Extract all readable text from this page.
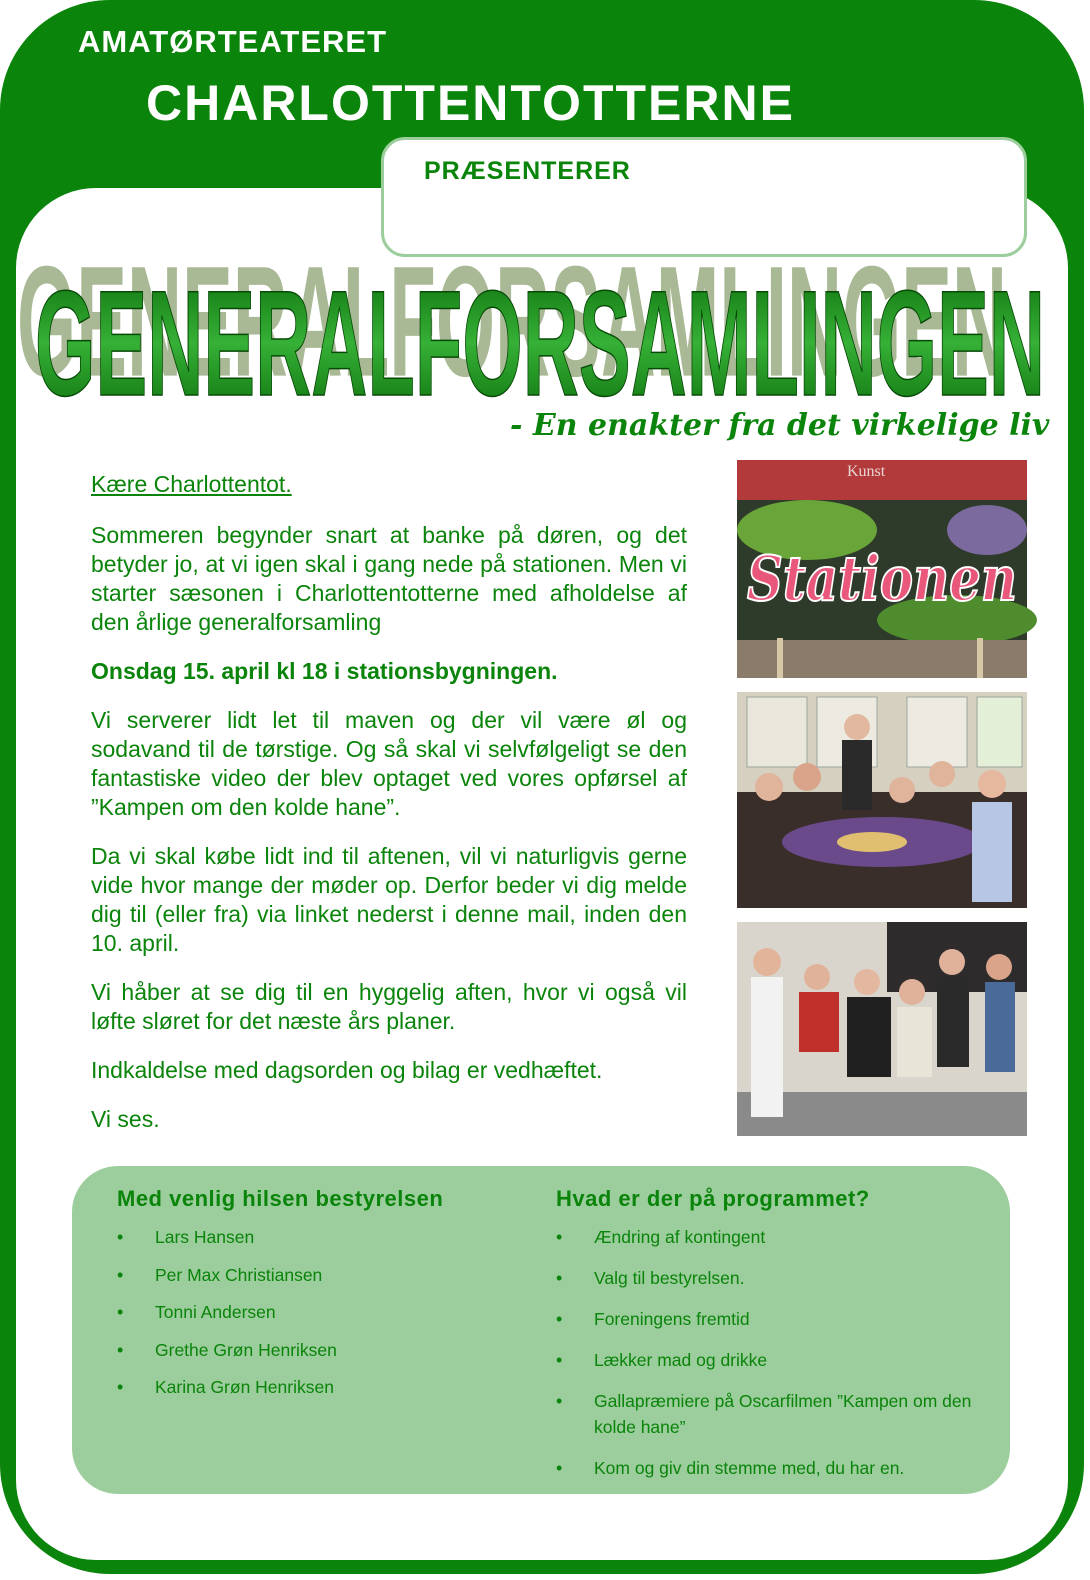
AMATØRTEATERET
CHARLOTTENTOTTERNE

PRÆSENTERER

GENERALFORSAMLINGEN
GENERALFORSAMLINGEN

- En enakter fra det virkelige liv

Kære Charlottentot.

Sommeren begynder snart at banke på døren, og det betyder jo, at vi igen skal i gang nede på stationen. Men vi starter sæsonen i Charlottentotterne med afholdelse af den årlige generalforsamling

Onsdag 15. april kl 18 i stationsbygningen.

Vi serverer lidt let til maven og der vil være øl og sodavand til de tørstige. Og så skal vi selvfølgeligt se den fantastiske video der blev optaget ved vores opførsel af ”Kampen om den kolde hane”.

Da vi skal købe lidt ind til aftenen, vil vi naturligvis gerne vide hvor mange der møder op. Derfor beder vi dig melde dig til (eller fra) via linket nederst i denne mail, inden den 10. april.

Vi håber at se dig til en hyggelig aften, hvor vi også vil løfte sløret for det næste års planer.

Indkaldelse med dagsorden og bilag er vedhæftet.

Vi ses.

Kunst
Stationen
Med venlig hilsen bestyrelsen
• Lars Hansen
• Per Max Christiansen
• Tonni Andersen
• Grethe Grøn Henriksen
• Karina Grøn Henriksen
Hvad er der på programmet?
• Ændring af kontingent
• Valg til bestyrelsen.
• Foreningens fremtid
• Lækker mad og drikke
• Gallapræmiere på Oscarfilmen ”Kampen om den kolde hane”
• Kom og giv din stemme med, du har en.
